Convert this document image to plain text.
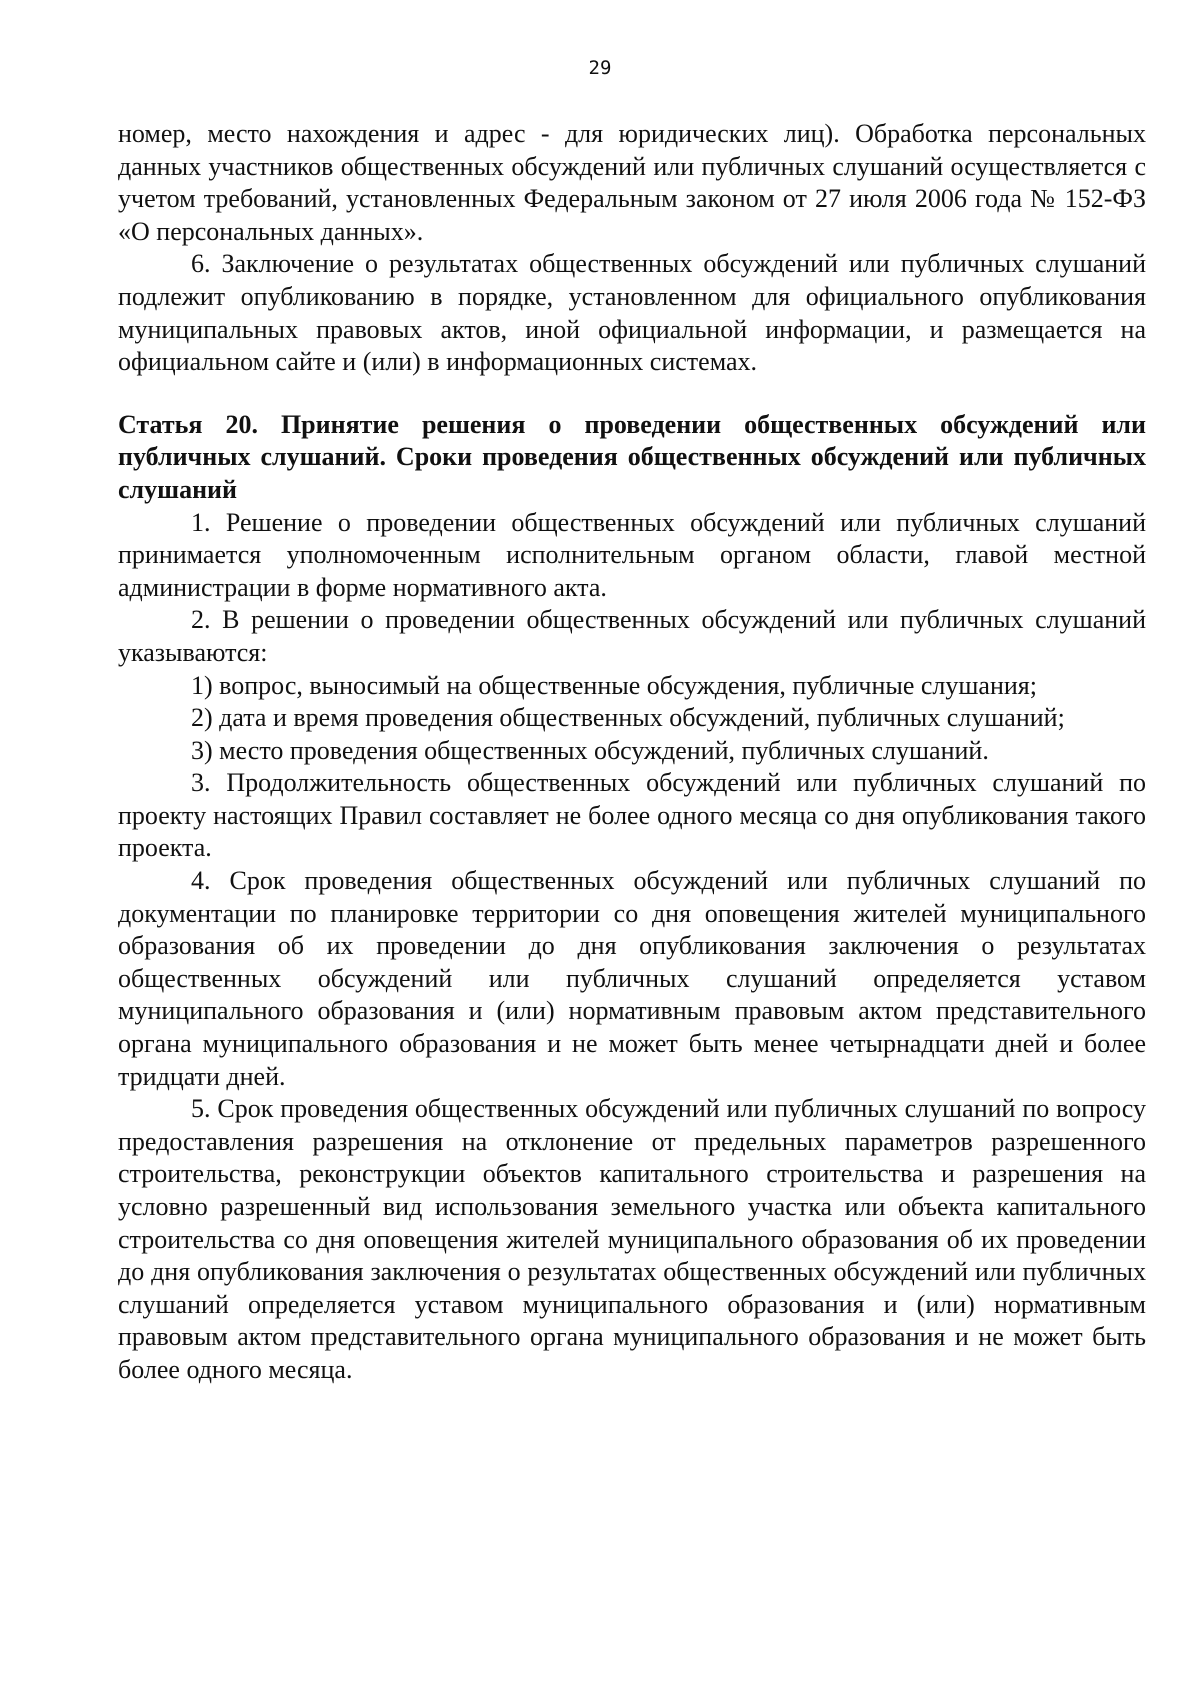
29

номер, место нахождения и адрес - для юридических лиц). Обработка персональных данных участников общественных обсуждений или публичных слушаний осуществляется с учетом требований, установленных Федеральным законом от 27 июля 2006 года № 152-ФЗ «О персональных данных».

6. Заключение о результатах общественных обсуждений или публичных слушаний подлежит опубликованию в порядке, установленном для официального опубликования муниципальных правовых актов, иной официальной информации, и размещается на официальном сайте и (или) в информационных системах.

Статья 20. Принятие решения о проведении общественных обсуждений или публичных слушаний. Сроки проведения общественных обсуждений или публичных слушаний

1. Решение о проведении общественных обсуждений или публичных слушаний принимается уполномоченным исполнительным органом области, главой местной администрации в форме нормативного акта.

2. В решении о проведении общественных обсуждений или публичных слушаний указываются:

1) вопрос, выносимый на общественные обсуждения, публичные слушания;

2) дата и время проведения общественных обсуждений, публичных слушаний;

3) место проведения общественных обсуждений, публичных слушаний.

3. Продолжительность общественных обсуждений или публичных слушаний по проекту настоящих Правил составляет не более одного месяца со дня опубликования такого проекта.

4. Срок проведения общественных обсуждений или публичных слушаний по документации по планировке территории со дня оповещения жителей муниципального образования об их проведении до дня опубликования заключения о результатах общественных обсуждений или публичных слушаний определяется уставом муниципального образования и (или) нормативным правовым актом представительного органа муниципального образования и не может быть менее четырнадцати дней и более тридцати дней.

5. Срок проведения общественных обсуждений или публичных слушаний по вопросу предоставления разрешения на отклонение от предельных параметров разрешенного строительства, реконструкции объектов капитального строительства и разрешения на условно разрешенный вид использования земельного участка или объекта капитального строительства со дня оповещения жителей муниципального образования об их проведении до дня опубликования заключения о результатах общественных обсуждений или публичных слушаний определяется уставом муниципального образования и (или) нормативным правовым актом представительного органа муниципального образования и не может быть более одного месяца.
